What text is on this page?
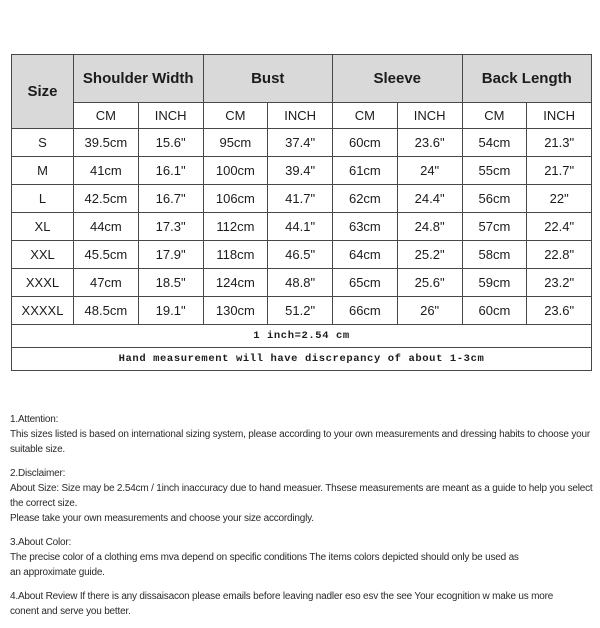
Size	Shoulder Width		Bust		Sleeve		Back Length	
	CM	INCH	CM	INCH	CM	INCH	CM	INCH
S	39.5cm	15.6"	95cm	37.4"	60cm	23.6"	54cm	21.3"
M	41cm	16.1"	100cm	39.4"	61cm	24"	55cm	21.7"
L	42.5cm	16.7"	106cm	41.7"	62cm	24.4"	56cm	22"
XL	44cm	17.3"	112cm	44.1"	63cm	24.8"	57cm	22.4"
XXL	45.5cm	17.9"	118cm	46.5"	64cm	25.2"	58cm	22.8"
XXXL	47cm	18.5"	124cm	48.8"	65cm	25.6"	59cm	23.2"
XXXXL	48.5cm	19.1"	130cm	51.2"	66cm	26"	60cm	23.6"
1 inch=2.54 cm								
Hand measurement will have discrepancy of about 1-3cm								
1.Attention:
This sizes listed is based on international sizing system, please according to your own measurements and dressing habits to choose your suitable size.
2.Disclaimer:
About Size: Size may be 2.54cm / 1inch inaccuracy due to hand measuer. Thsese measurements are meant as a guide to help you select the correct size.
Please take your own measurements and choose your size accordingly.
3.About Color:
The precise color of a clothing ems mva depend on specific conditions The items colors depicted should only be used as
an approximate guide.
4.About Review If there is any dissaisacon please emails before leaving nadler eso esv the see Your ecognition w make us more
conent and serve you better.
